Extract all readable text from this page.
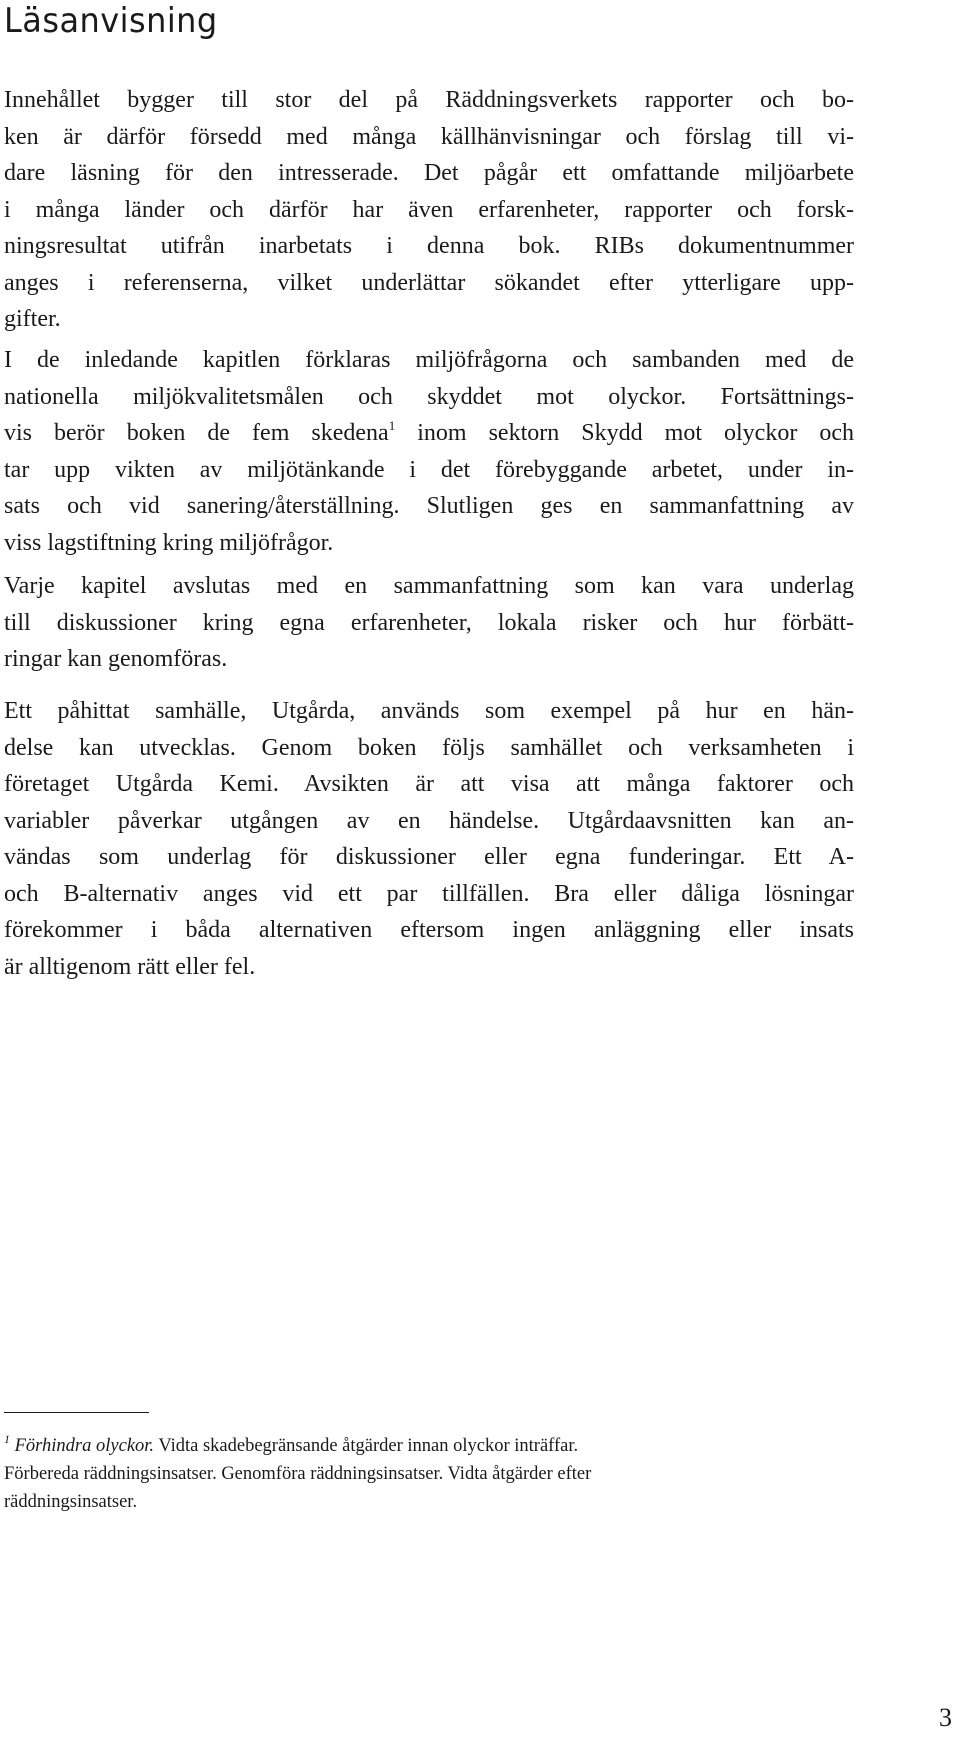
Läsanvisning
Innehållet bygger till stor del på Räddningsverkets rapporter och bo-
ken är därför försedd med många källhänvisningar och förslag till vi-
dare läsning för den intresserade. Det pågår ett omfattande miljöarbete
i många länder och därför har även erfarenheter, rapporter och forsk-
ningsresultat utifrån inarbetats i denna bok. RIBs dokumentnummer
anges i referenserna, vilket underlättar sökandet efter ytterligare upp-
gifter.
I de inledande kapitlen förklaras miljöfrågorna och sambanden med de
nationella miljökvalitetsmålen och skyddet mot olyckor. Fortsättnings-
vis berör boken de fem skedena$^1$ inom sektorn Skydd mot olyckor och
tar upp vikten av miljötänkande i det förebyggande arbetet, under in-
sats och vid sanering/återställning. Slutligen ges en sammanfattning av
viss lagstiftning kring miljöfrågor.
Varje kapitel avslutas med en sammanfattning som kan vara underlag
till diskussioner kring egna erfarenheter, lokala risker och hur förbätt-
ringar kan genomföras.
Ett påhittat samhälle, Utgårda, används som exempel på hur en hän-
delse kan utvecklas. Genom boken följs samhället och verksamheten i
företaget Utgårda Kemi. Avsikten är att visa att många faktorer och
variabler påverkar utgången av en händelse. Utgårdaavsnitten kan an-
vändas som underlag för diskussioner eller egna funderingar. Ett A-
och B-alternativ anges vid ett par tillfällen. Bra eller dåliga lösningar
förekommer i båda alternativen eftersom ingen anläggning eller insats
är alltigenom rätt eller fel.
$^1$ Förhindra olyckor. Vidta skadebegränsande åtgärder innan olyckor inträffar.
Förbereda räddningsinsatser. Genomföra räddningsinsatser. Vidta åtgärder efter
räddningsinsatser.
3
